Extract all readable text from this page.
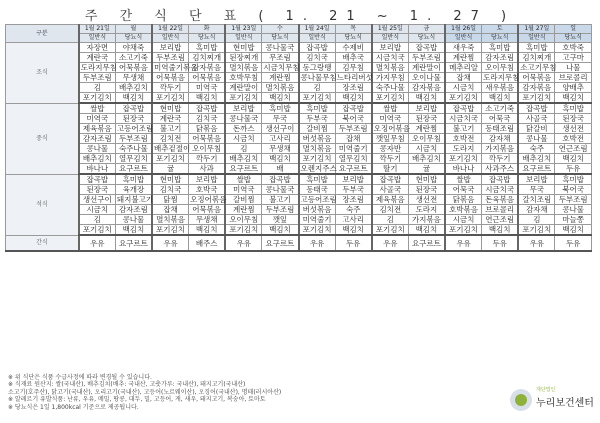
주 간 식 단 표 ( 1. 21 ~ 1. 27 )
구분	1월 21일	월	1월 22일	화	1월 23일	수	1월 24일	목	1월 25일	금	1월 26일	토	1월 27일	일
	일반식	당뇨식	일반식	당뇨식	일반식	당뇨식	일반식	당뇨식	일반식	당뇨식	일반식	당뇨식	일반식	당뇨식
조식	자장면	야채죽	보리밥	흑미밥	현미밥	콩나물국	잡곡밥	수제비	보리밥	잡곡밥	새우죽	흑미밥	흑미밥	호박죽
	계란국	소고기죽	두부조림	김치찌개	된장찌개	무조림	김치국	배추국	시금치국	두부조림	계란찜	감자조림	김치찌개	고구마
	도라지무침	어묵볶음	미역줄기볶음	감자볶음	멸치볶음	시금치무침	동그랑땡	김무침	멸치볶음	계란말이	메추리알	오이무침	소고기무침	나물
	두부조림	무생채	어묵볶음	어묵볶음	호박무침	계란찜	콩나물무침	느타리버섯	가지무침	오이나물	잡채	도라지무침	어묵볶음	브로콜리
	김	배추김치	깍두기	미역국	계란말이	멸치볶음	김	장조림	숙주나물	감자볶음	시금치	새우볶음	감자볶음	양배추
	포기김치	백김치	포기김치	백김치	포기김치	백김치	포기김치	백김치	포기김치	백김치	포기김치	백김치	포기김치	백김치
중식	쌀밥	잡곡밥	현미밥	잡곡밥	보리밥	흑미밥	흑미밥	잡곡밥	쌀밥	보리밥	잡곡밥	소고기죽	잡곡밥	흑미밥
	미역국	된장국	계란국	김치국	콩나물국	무국	두부국	북어국	미역국	된장국	시금치국	어묵국	사골국	된장국
	제육볶음	고등어조림	불고기	닭볶음	돈까스	생선구이	갈비찜	두부조림	오징어볶음	계란찜	불고기	동태조림	닭갈비	생선전
	감자조림	두부조림	김치전	어묵볶음	시금치	고사리	버섯볶음	잡채	깻잎무침	오이무침	호박전	감자채	콩나물	호박전
	콩나물	숙주나물	배추겉절이	오이무침	김	무생채	멸치볶음	미역줄기	콩자반	시금치	도라지	가지볶음	숙주	연근조림
	배추김치	열무김치	포기김치	깍두기	배추김치	백김치	포기김치	열무김치	깍두기	배추김치	포기김치	깍두기	배추김치	백김치
	바나나	요구르트	귤	사과	요구르트	배	오렌지주스	요구르트	딸기	귤	바나나	사과주스	요구르트	두유
석식	잡곡밥	흑미밥	현미밥	보리밥	쌀밥	잡곡밥	흑미밥	보리밥	잡곡밥	현미밥	쌀밥	잡곡밥	보리밥	흑미밥
	된장국	육개장	김치국	호박국	미역국	콩나물국	동태국	두부국	사골국	된장국	어묵국	시금치국	무국	북어국
	생선구이	돼지불고기	닭찜	오징어볶음	갈비찜	불고기	고등어조림	장조림	제육볶음	생선전	닭볶음	돈육볶음	갈치조림	두부조림
	시금치	감자조림	잡채	어묵볶음	계란찜	두부조림	버섯볶음	숙주	김치전	도라지	호박볶음	브로콜리	감자채	콩나물
	김	콩나물	멸치볶음	무생채	오이무침	깻잎	미역줄기	고사리	김	가지볶음	시금치	연근조림	김	마늘쫑
	포기김치	백김치	포기김치	백김치	포기김치	백김치	포기김치	백김치	포기김치	백김치	포기김치	백김치	포기김치	백김치
간식	우유	요구르트	우유	배주스	우유	요구르트	우유	두유	우유	요구르트	우유	두유	우유	두유
※ 위 식단은 식품 수급사정에 따라 변경될 수 있습니다.
※ 식재료 원산지: 쌀(국내산), 배추김치(배추: 국내산, 고춧가루: 국내산), 돼지고기(국내산)
소고기(호주산), 닭고기(국내산), 오리고기(국내산), 고등어(노르웨이산), 오징어(국내산), 명태(러시아산)
※ 알레르기 유발식품: 난류, 우유, 메밀, 땅콩, 대두, 밀, 고등어, 게, 새우, 돼지고기, 복숭아, 토마토
※ 당뇨식은 1일 1,800kcal 기준으로 제공됩니다.
재단법인
누리보건센터
